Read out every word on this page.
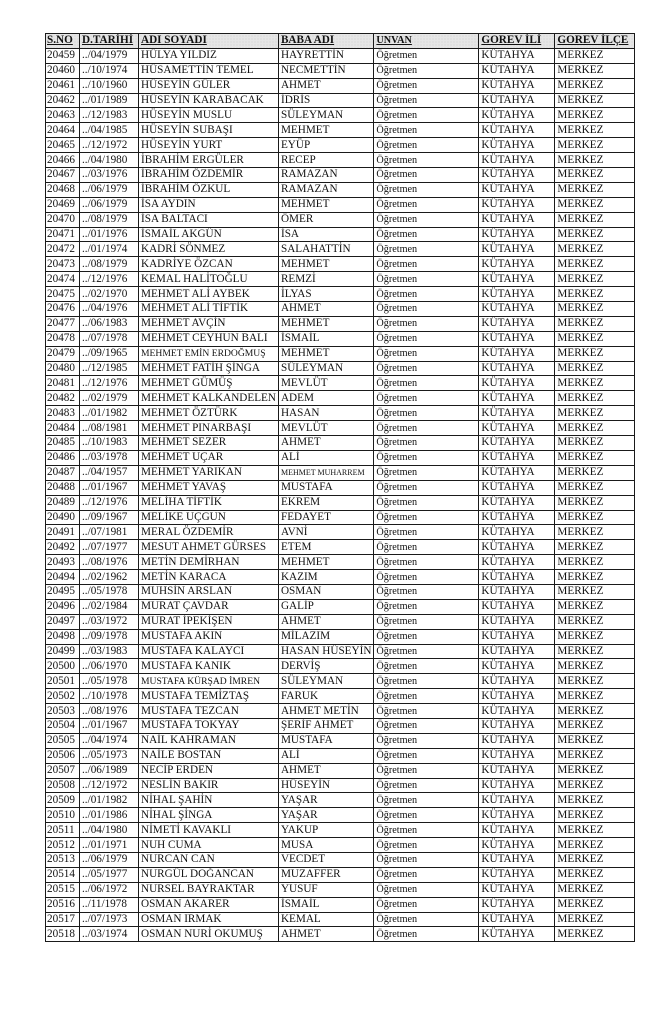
S.NO	D.TARİHİ	ADI SOYADI	BABA ADI	UNVAN	GOREV İLİ	GOREV İLÇE
20459	../04/1979	HÜLYA YILDIZ	HAYRETTİN	Öğretmen	KÜTAHYA	MERKEZ
20460	../10/1974	HÜSAMETTİN TEMEL	NECMETTİN	Öğretmen	KÜTAHYA	MERKEZ
20461	../10/1960	HÜSEYİN GÜLER	AHMET	Öğretmen	KÜTAHYA	MERKEZ
20462	../01/1989	HÜSEYİN KARABACAK	İDRİS	Öğretmen	KÜTAHYA	MERKEZ
20463	../12/1983	HÜSEYİN MUSLU	SÜLEYMAN	Öğretmen	KÜTAHYA	MERKEZ
20464	../04/1985	HÜSEYİN SUBAŞI	MEHMET	Öğretmen	KÜTAHYA	MERKEZ
20465	../12/1972	HÜSEYİN YURT	EYÜP	Öğretmen	KÜTAHYA	MERKEZ
20466	../04/1980	İBRAHİM ERGÜLER	RECEP	Öğretmen	KÜTAHYA	MERKEZ
20467	../03/1976	İBRAHİM ÖZDEMİR	RAMAZAN	Öğretmen	KÜTAHYA	MERKEZ
20468	../06/1979	İBRAHİM ÖZKUL	RAMAZAN	Öğretmen	KÜTAHYA	MERKEZ
20469	../06/1979	İSA AYDIN	MEHMET	Öğretmen	KÜTAHYA	MERKEZ
20470	../08/1979	İSA BALTACI	ÖMER	Öğretmen	KÜTAHYA	MERKEZ
20471	../01/1976	İSMAİL AKGÜN	İSA	Öğretmen	KÜTAHYA	MERKEZ
20472	../01/1974	KADRİ SÖNMEZ	SALAHATTİN	Öğretmen	KÜTAHYA	MERKEZ
20473	../08/1979	KADRİYE ÖZCAN	MEHMET	Öğretmen	KÜTAHYA	MERKEZ
20474	../12/1976	KEMAL HALİTOĞLU	REMZİ	Öğretmen	KÜTAHYA	MERKEZ
20475	../02/1970	MEHMET ALİ AYBEK	İLYAS	Öğretmen	KÜTAHYA	MERKEZ
20476	../04/1976	MEHMET ALİ TİFTİK	AHMET	Öğretmen	KÜTAHYA	MERKEZ
20477	../06/1983	MEHMET AVÇİN	MEHMET	Öğretmen	KÜTAHYA	MERKEZ
20478	../07/1978	MEHMET CEYHUN BALI	İSMAİL	Öğretmen	KÜTAHYA	MERKEZ
20479	../09/1965	MEHMET EMİN ERDOĞMUŞ	MEHMET	Öğretmen	KÜTAHYA	MERKEZ
20480	../12/1985	MEHMET FATİH ŞİNGA	SÜLEYMAN	Öğretmen	KÜTAHYA	MERKEZ
20481	../12/1976	MEHMET GÜMÜŞ	MEVLÜT	Öğretmen	KÜTAHYA	MERKEZ
20482	../02/1979	MEHMET KALKANDELEN	ADEM	Öğretmen	KÜTAHYA	MERKEZ
20483	../01/1982	MEHMET ÖZTÜRK	HASAN	Öğretmen	KÜTAHYA	MERKEZ
20484	../08/1981	MEHMET PINARBAŞI	MEVLÜT	Öğretmen	KÜTAHYA	MERKEZ
20485	../10/1983	MEHMET SEZER	AHMET	Öğretmen	KÜTAHYA	MERKEZ
20486	../03/1978	MEHMET UÇAR	ALİ	Öğretmen	KÜTAHYA	MERKEZ
20487	../04/1957	MEHMET YARIKAN	MEHMET MUHARREM	Öğretmen	KÜTAHYA	MERKEZ
20488	../01/1967	MEHMET YAVAŞ	MUSTAFA	Öğretmen	KÜTAHYA	MERKEZ
20489	../12/1976	MELİHA TİFTİK	EKREM	Öğretmen	KÜTAHYA	MERKEZ
20490	../09/1967	MELİKE UÇGUN	FEDAYET	Öğretmen	KÜTAHYA	MERKEZ
20491	../07/1981	MERAL ÖZDEMİR	AVNİ	Öğretmen	KÜTAHYA	MERKEZ
20492	../07/1977	MESUT AHMET GÜRSES	ETEM	Öğretmen	KÜTAHYA	MERKEZ
20493	../08/1976	METİN DEMİRHAN	MEHMET	Öğretmen	KÜTAHYA	MERKEZ
20494	../02/1962	METİN KARACA	KAZIM	Öğretmen	KÜTAHYA	MERKEZ
20495	../05/1978	MUHSİN ARSLAN	OSMAN	Öğretmen	KÜTAHYA	MERKEZ
20496	../02/1984	MURAT ÇAVDAR	GALİP	Öğretmen	KÜTAHYA	MERKEZ
20497	../03/1972	MURAT İPEKİŞEN	AHMET	Öğretmen	KÜTAHYA	MERKEZ
20498	../09/1978	MUSTAFA AKIN	MİLAZIM	Öğretmen	KÜTAHYA	MERKEZ
20499	../03/1983	MUSTAFA KALAYCI	HASAN HÜSEYİN	Öğretmen	KÜTAHYA	MERKEZ
20500	../06/1970	MUSTAFA KANIK	DERVİŞ	Öğretmen	KÜTAHYA	MERKEZ
20501	../05/1978	MUSTAFA KÜRŞAD İMREN	SÜLEYMAN	Öğretmen	KÜTAHYA	MERKEZ
20502	../10/1978	MUSTAFA TEMİZTAŞ	FARUK	Öğretmen	KÜTAHYA	MERKEZ
20503	../08/1976	MUSTAFA TEZCAN	AHMET METİN	Öğretmen	KÜTAHYA	MERKEZ
20504	../01/1967	MUSTAFA TOKYAY	ŞERİF AHMET	Öğretmen	KÜTAHYA	MERKEZ
20505	../04/1974	NAİL KAHRAMAN	MUSTAFA	Öğretmen	KÜTAHYA	MERKEZ
20506	../05/1973	NAİLE BOSTAN	ALİ	Öğretmen	KÜTAHYA	MERKEZ
20507	../06/1989	NECİP ERDEN	AHMET	Öğretmen	KÜTAHYA	MERKEZ
20508	../12/1972	NESLİN BAKIR	HÜSEYİN	Öğretmen	KÜTAHYA	MERKEZ
20509	../01/1982	NİHAL ŞAHİN	YAŞAR	Öğretmen	KÜTAHYA	MERKEZ
20510	../01/1986	NİHAL ŞİNGA	YAŞAR	Öğretmen	KÜTAHYA	MERKEZ
20511	../04/1980	NİMETİ KAVAKLI	YAKUP	Öğretmen	KÜTAHYA	MERKEZ
20512	../01/1971	NUH CUMA	MUSA	Öğretmen	KÜTAHYA	MERKEZ
20513	../06/1979	NURCAN CAN	VECDET	Öğretmen	KÜTAHYA	MERKEZ
20514	../05/1977	NURGÜL DOĞANCAN	MUZAFFER	Öğretmen	KÜTAHYA	MERKEZ
20515	../06/1972	NURSEL BAYRAKTAR	YUSUF	Öğretmen	KÜTAHYA	MERKEZ
20516	../11/1978	OSMAN AKARER	İSMAİL	Öğretmen	KÜTAHYA	MERKEZ
20517	../07/1973	OSMAN IRMAK	KEMAL	Öğretmen	KÜTAHYA	MERKEZ
20518	../03/1974	OSMAN NURİ OKUMUŞ	AHMET	Öğretmen	KÜTAHYA	MERKEZ
